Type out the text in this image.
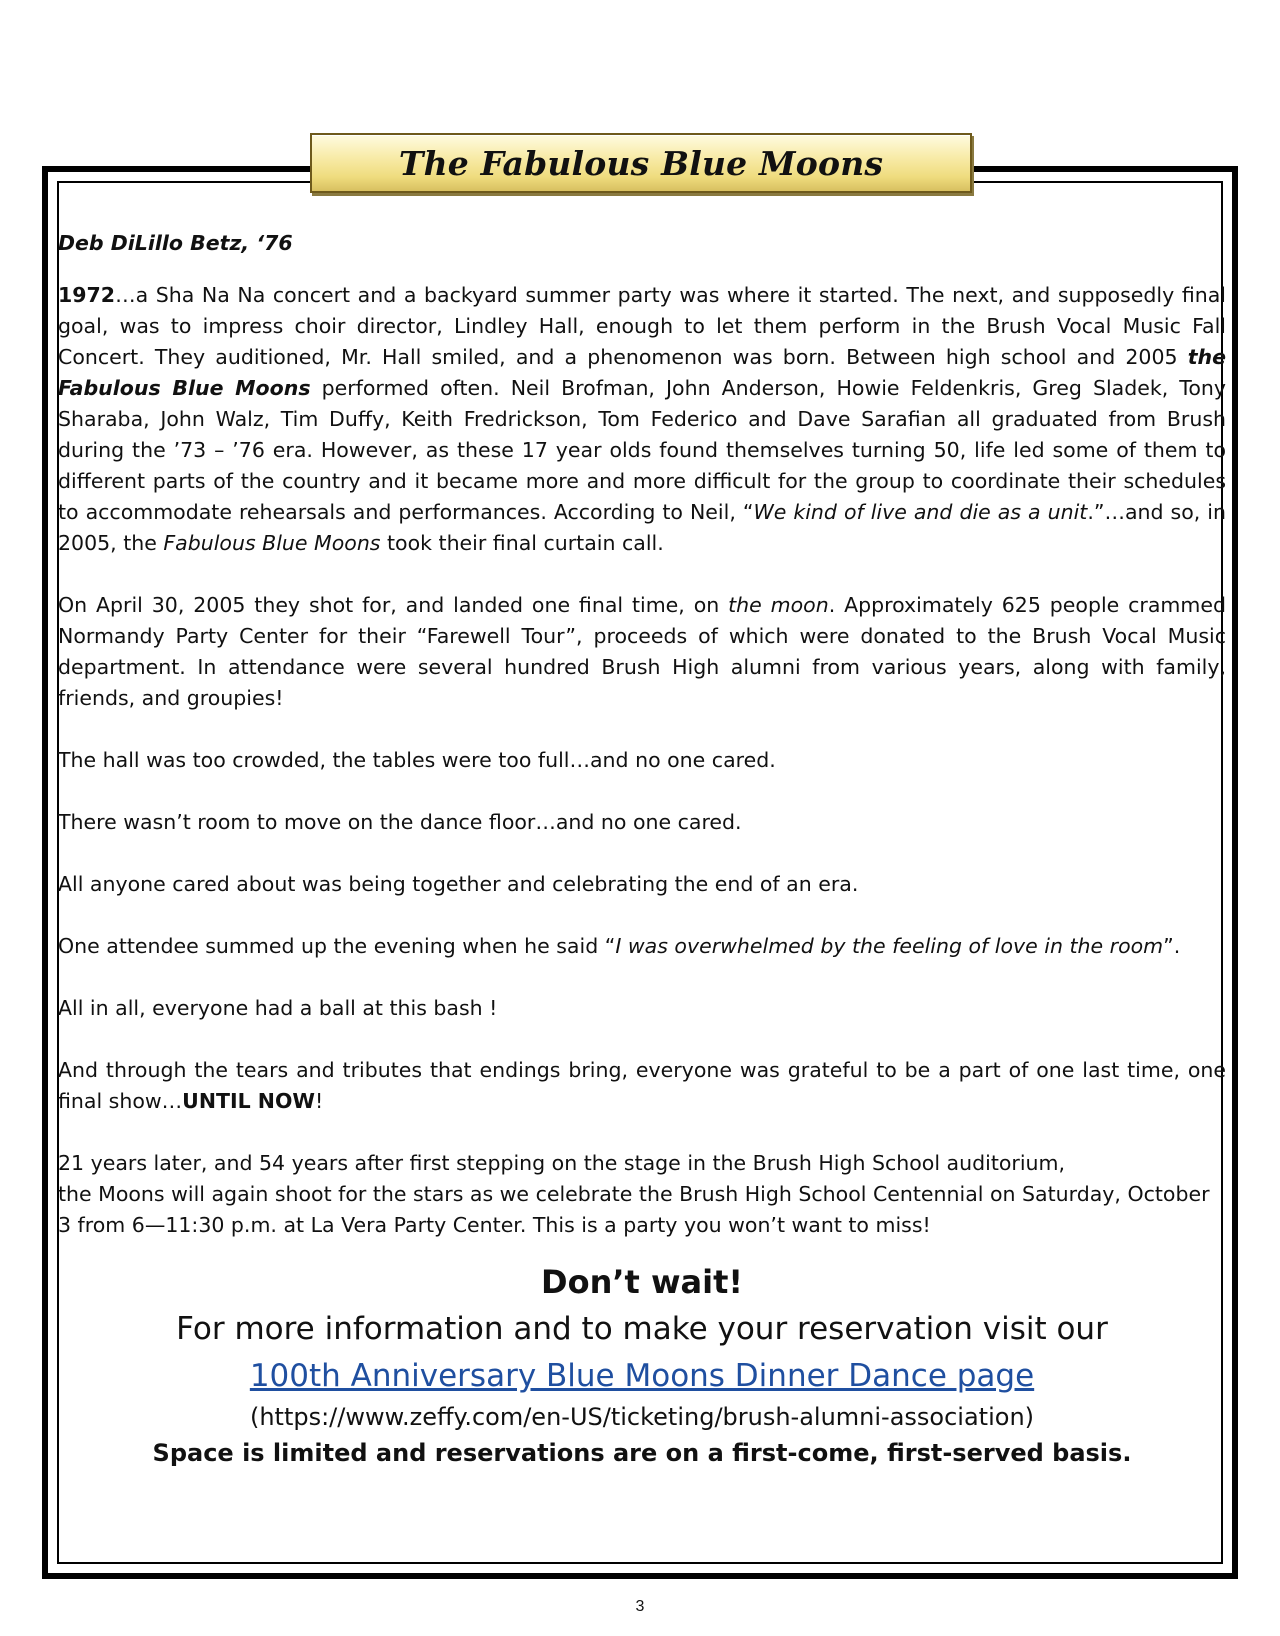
The Fabulous Blue Moons

Deb DiLillo Betz, ‘76

1972…a Sha Na Na concert and a backyard summer party was where it started. The next, and supposedly final goal, was to impress choir director, Lindley Hall, enough to let them perform in the Brush Vocal Music Fall Concert. They auditioned, Mr. Hall smiled, and a phenomenon was born. Between high school and 2005 the Fabulous Blue Moons performed often. Neil Brofman, John Anderson, Howie Feldenkris, Greg Sladek, Tony Sharaba, John Walz, Tim Duffy, Keith Fredrickson, Tom Federico and Dave Sarafian all graduated from Brush during the ’73 – ’76 era. However, as these 17 year olds found themselves turning 50, life led some of them to different parts of the country and it became more and more difficult for the group to coordinate their schedules to accommodate rehearsals and performances. According to Neil, “We kind of live and die as a unit.”…and so, in 2005, the Fabulous Blue Moons took their final curtain call.

On April 30, 2005 they shot for, and landed one final time, on the moon. Approximately 625 people crammed Normandy Party Center for their “Farewell Tour”, proceeds of which were donated to the Brush Vocal Music department. In attendance were several hundred Brush High alumni from various years, along with family, friends, and groupies!

The hall was too crowded, the tables were too full…and no one cared.

There wasn’t room to move on the dance floor…and no one cared.

All anyone cared about was being together and celebrating the end of an era.

One attendee summed up the evening when he said “I was overwhelmed by the feeling of love in the room”.

All in all, everyone had a ball at this bash !

And through the tears and tributes that endings bring, everyone was grateful to be a part of one last time, one final show…UNTIL NOW!

21 years later, and 54 years after first stepping on the stage in the Brush High School auditorium,
the Moons will again shoot for the stars as we celebrate the Brush High School Centennial on Saturday, October 3 from 6—11:30 p.m. at La Vera Party Center. This is a party you won’t want to miss!

Don’t wait!
For more information and to make your reservation visit our
100th Anniversary Blue Moons Dinner Dance page
(https://www.zeffy.com/en-US/ticketing/brush-alumni-association)
Space is limited and reservations are on a first-come, first-served basis.
3
